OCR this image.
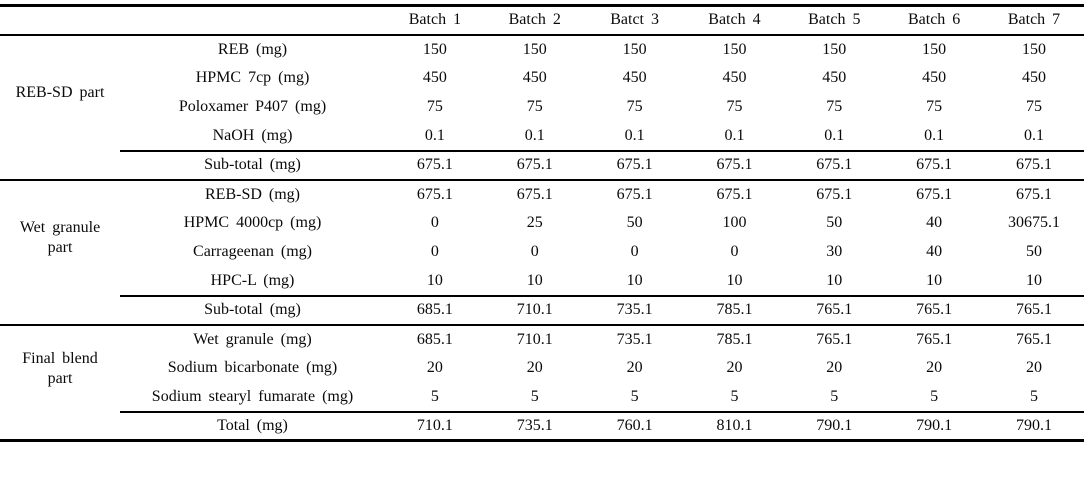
		Batch 1	Batch 2	Batct 3	Batch 4	Batch 5	Batch 6	Batch 7

REB-SD part	REB (mg)	150	150	150	150	150	150	150
	HPMC 7cp (mg)	450	450	450	450	450	450	450
	Poloxamer P407 (mg)	75	75	75	75	75	75	75
	NaOH (mg)	0.1	0.1	0.1	0.1	0.1	0.1	0.1
	Sub-total (mg)	675.1	675.1	675.1	675.1	675.1	675.1	675.1

Wet granule part	REB-SD (mg)	675.1	675.1	675.1	675.1	675.1	675.1	675.1
	HPMC 4000cp (mg)	0	25	50	100	50	40	30675.1
	Carrageenan (mg)	0	0	0	0	30	40	50
	HPC-L (mg)	10	10	10	10	10	10	10
	Sub-total (mg)	685.1	710.1	735.1	785.1	765.1	765.1	765.1

Final blend part	Wet granule (mg)	685.1	710.1	735.1	785.1	765.1	765.1	765.1
	Sodium bicarbonate (mg)	20	20	20	20	20	20	20
	Sodium stearyl fumarate (mg)	5	5	5	5	5	5	5
	Total (mg)	710.1	735.1	760.1	810.1	790.1	790.1	790.1
